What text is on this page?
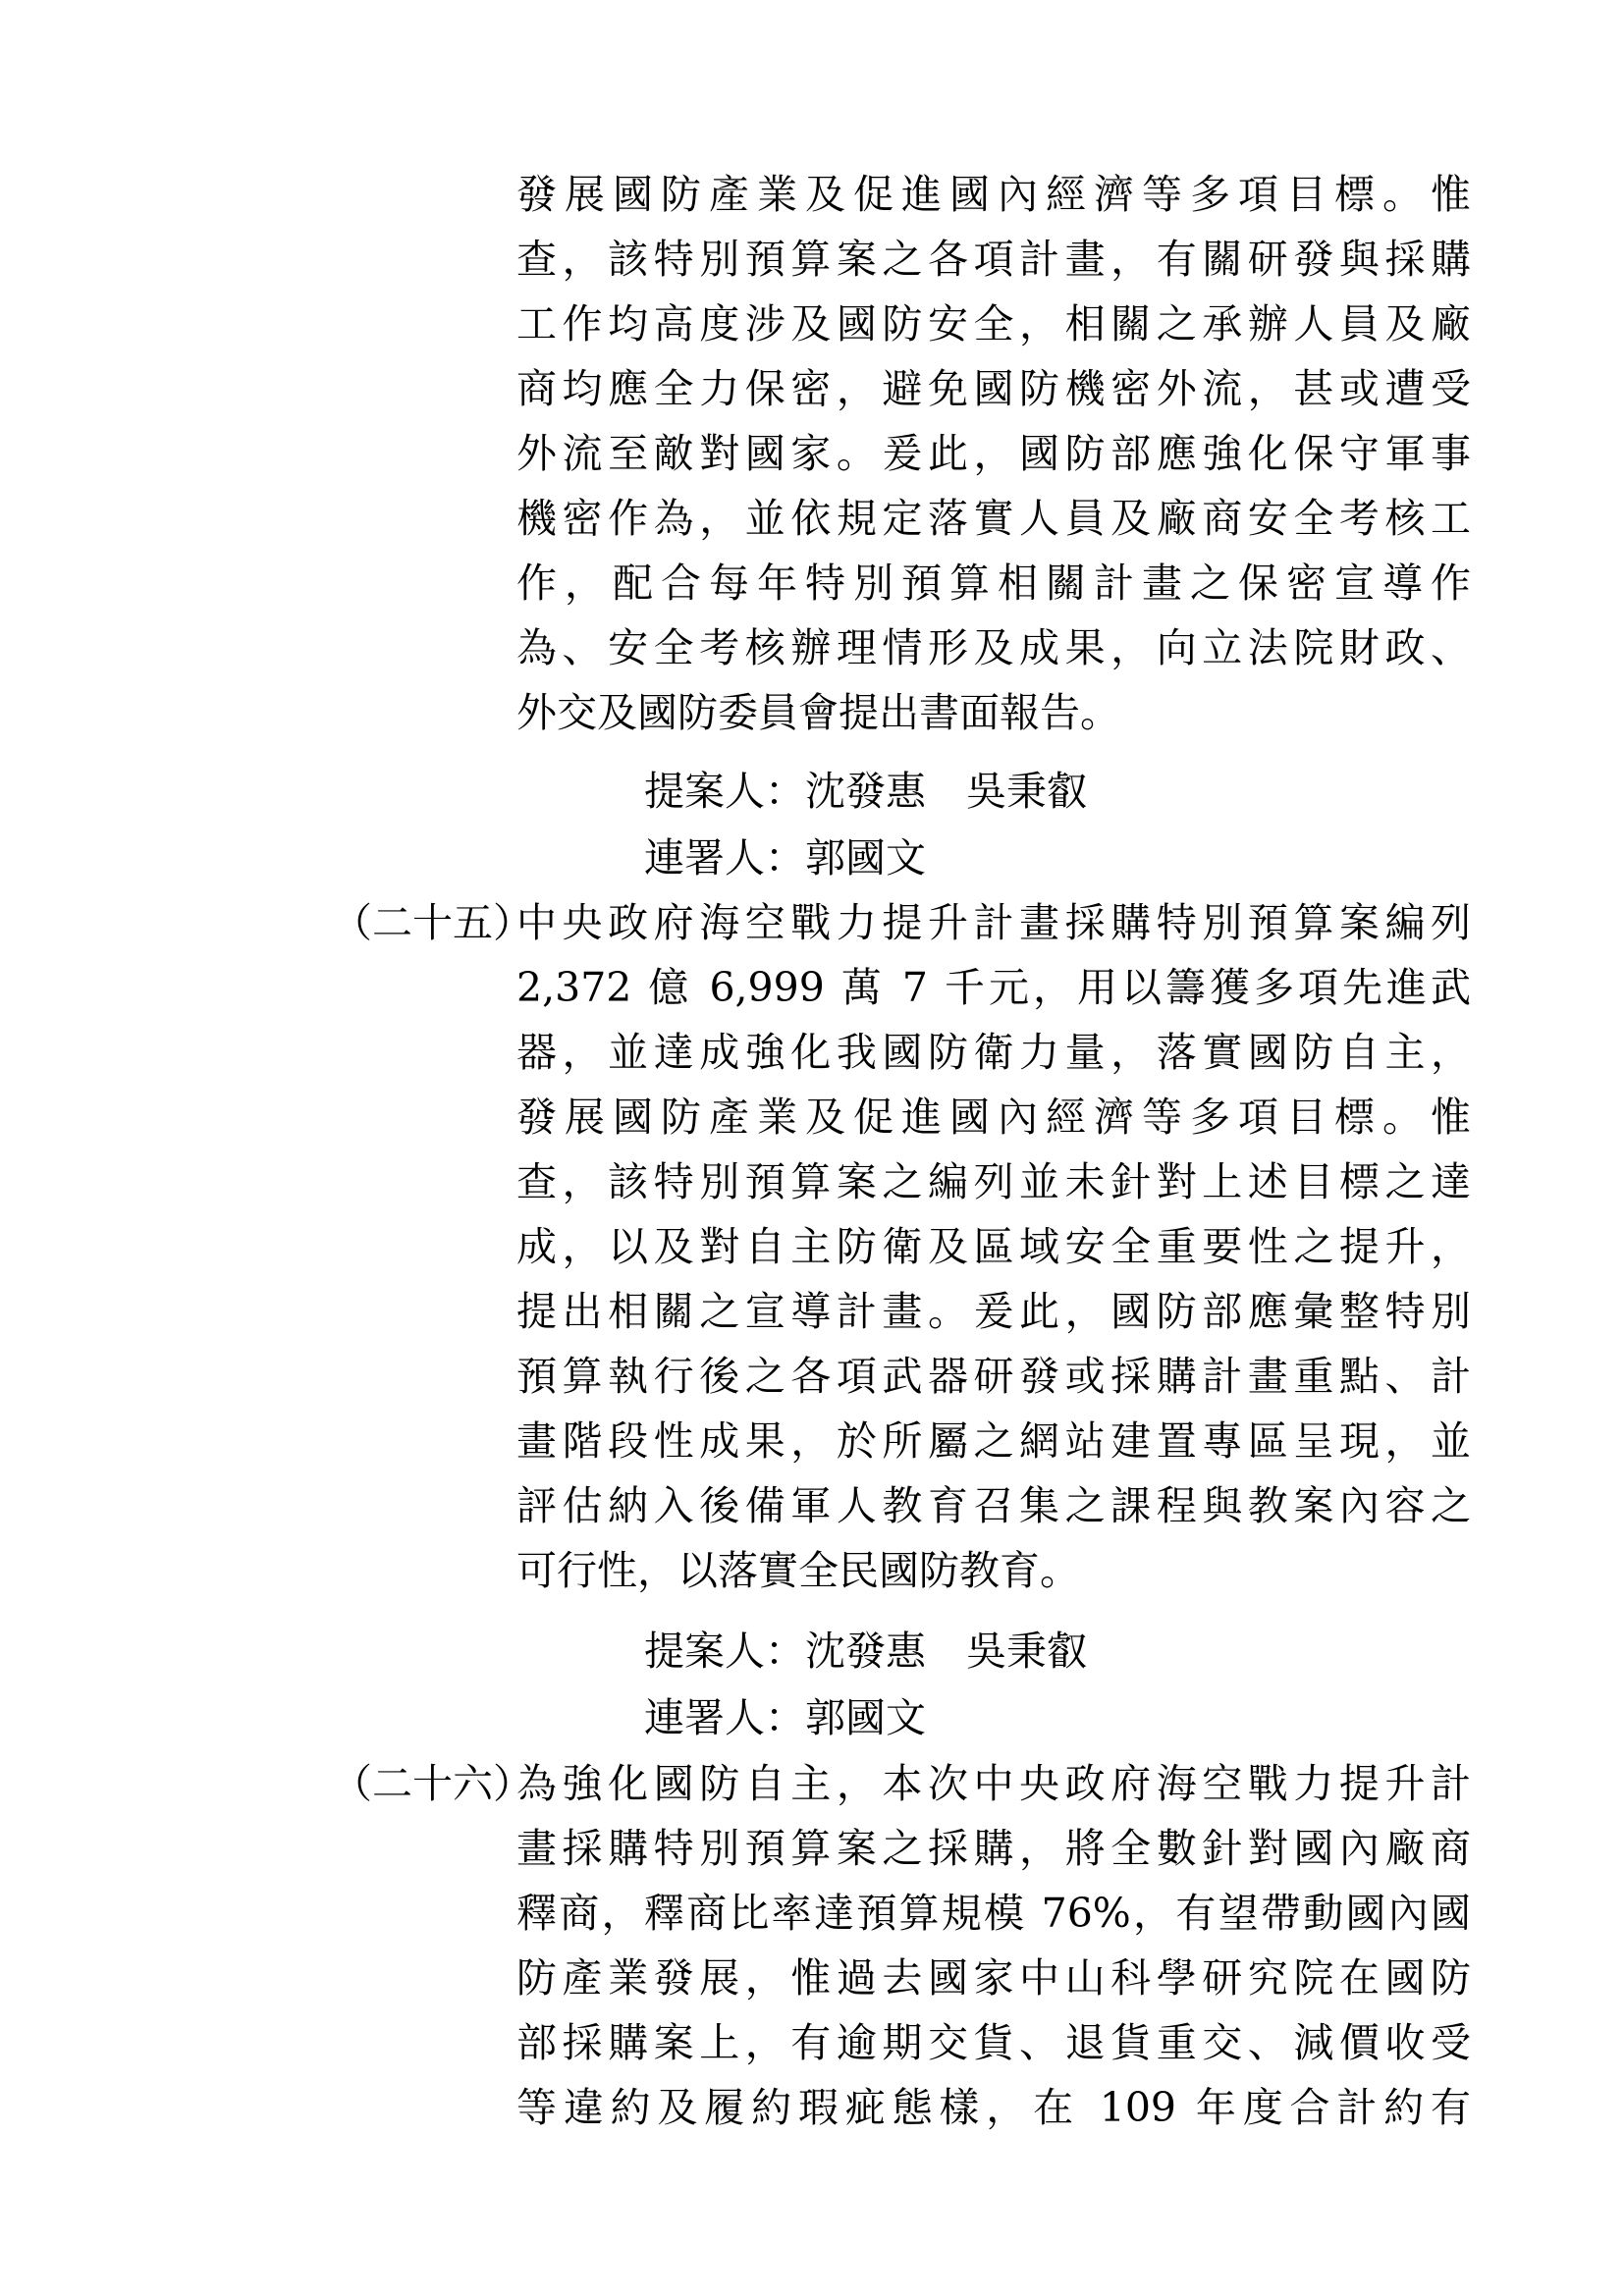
發展國防產業及促進國內經濟等多項目標。惟
查，該特別預算案之各項計畫，有關研發與採購
工作均高度涉及國防安全，相關之承辦人員及廠
商均應全力保密，避免國防機密外流，甚或遭受
外流至敵對國家。爰此，國防部應強化保守軍事
機密作為，並依規定落實人員及廠商安全考核工
作，配合每年特別預算相關計畫之保密宣導作
為、安全考核辦理情形及成果，向立法院財政、
外交及國防委員會提出書面報告。
提案人：沈發惠　吳秉叡
連署人：郭國文
（二十五）
中央政府海空戰力提升計畫採購特別預算案編列
2,372 億 6,999 萬 7 千元，用以籌獲多項先進武
器，並達成強化我國防衛力量，落實國防自主，
發展國防產業及促進國內經濟等多項目標。惟
查，該特別預算案之編列並未針對上述目標之達
成，以及對自主防衛及區域安全重要性之提升，
提出相關之宣導計畫。爰此，國防部應彙整特別
預算執行後之各項武器研發或採購計畫重點、計
畫階段性成果，於所屬之網站建置專區呈現，並
評估納入後備軍人教育召集之課程與教案內容之
可行性，以落實全民國防教育。
提案人：沈發惠　吳秉叡
連署人：郭國文
（二十六）
為強化國防自主，本次中央政府海空戰力提升計
畫採購特別預算案之採購，將全數針對國內廠商
釋商，釋商比率達預算規模 76%，有望帶動國內國
防產業發展，惟過去國家中山科學研究院在國防
部採購案上，有逾期交貨、退貨重交、減價收受
等違約及履約瑕疵態樣，在 109 年度合計約有
